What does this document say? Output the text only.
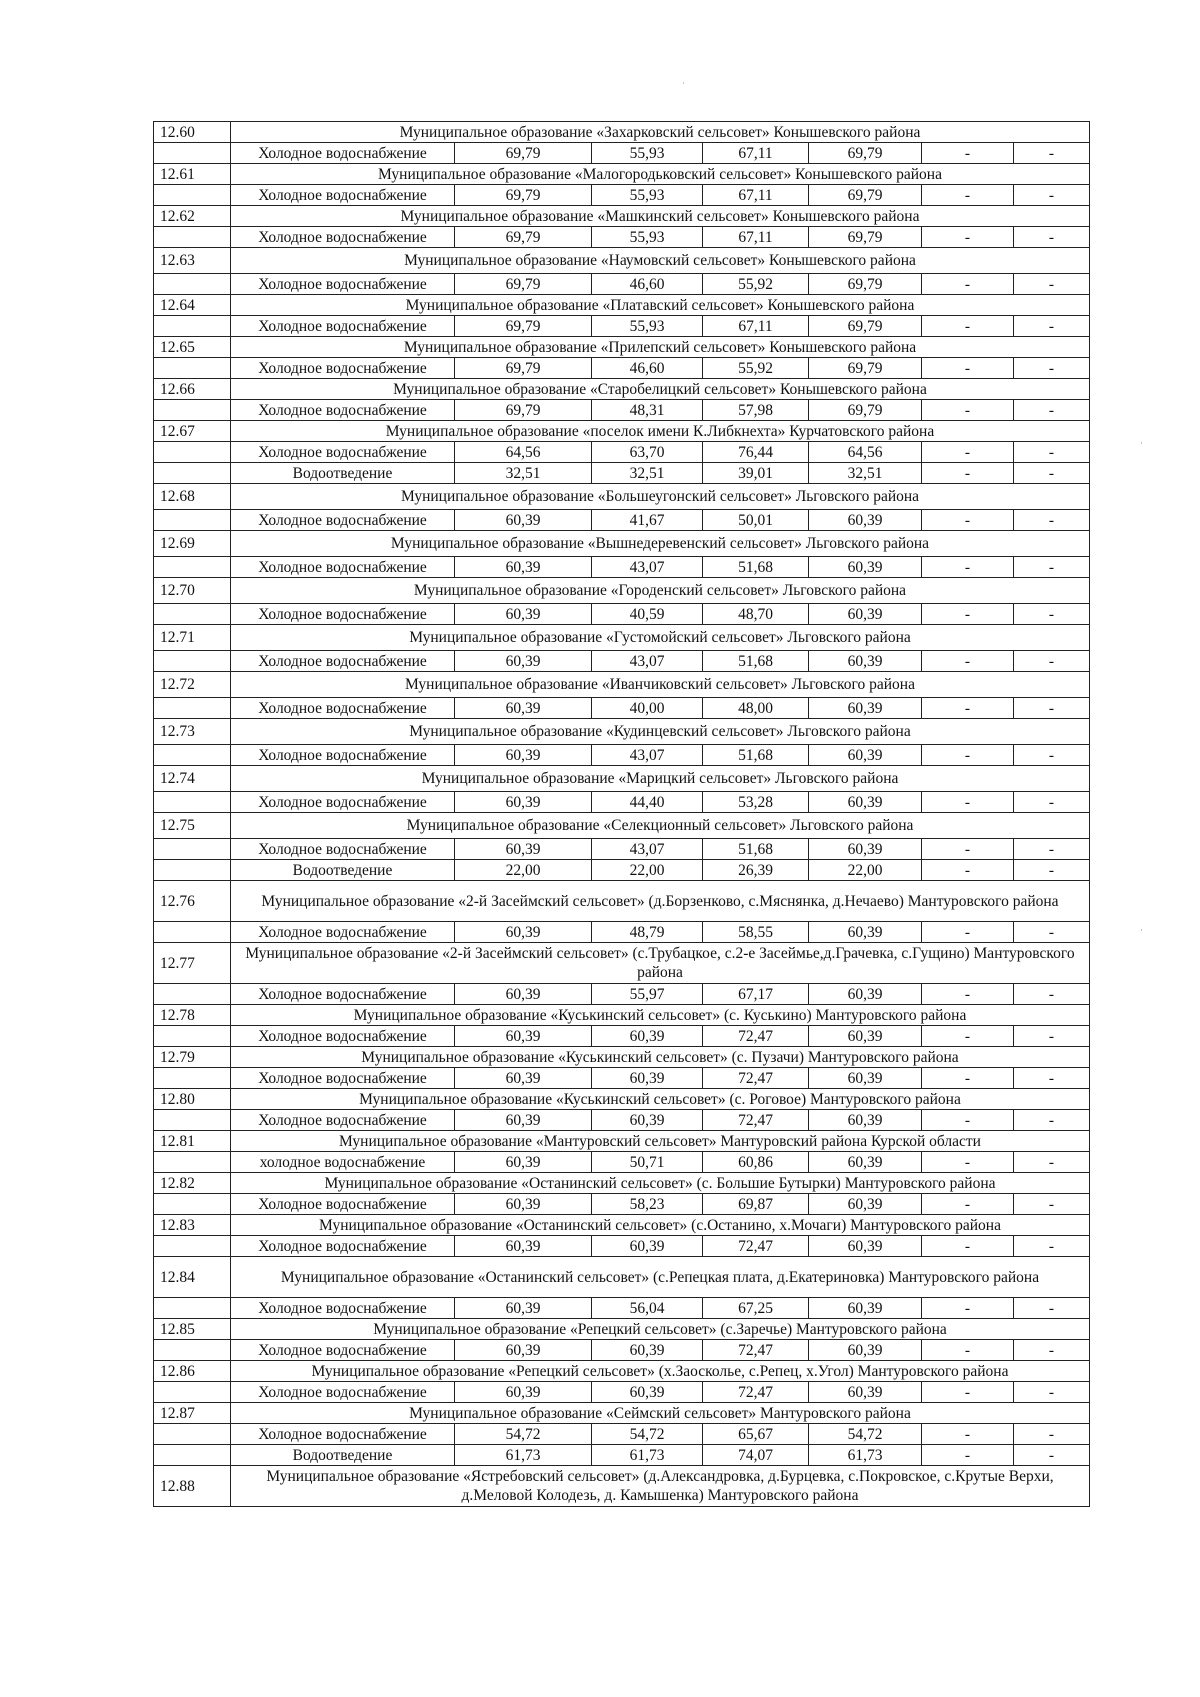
12.60	Муниципальное образование «Захарковский сельсовет» Конышевского района						
	Холодное водоснабжение	69,79	55,93	67,11	69,79	-	-
12.61	Муниципальное образование «Малогородьковский сельсовет» Конышевского района						
	Холодное водоснабжение	69,79	55,93	67,11	69,79	-	-
12.62	Муниципальное образование «Машкинский сельсовет» Конышевского района						
	Холодное водоснабжение	69,79	55,93	67,11	69,79	-	-
12.63	Муниципальное образование «Наумовский сельсовет» Конышевского района						
	Холодное водоснабжение	69,79	46,60	55,92	69,79	-	-
12.64	Муниципальное образование «Платавский сельсовет» Конышевского района						
	Холодное водоснабжение	69,79	55,93	67,11	69,79	-	-
12.65	Муниципальное образование «Прилепский сельсовет» Конышевского района						
	Холодное водоснабжение	69,79	46,60	55,92	69,79	-	-
12.66	Муниципальное образование «Старобелицкий сельсовет» Конышевского района						
	Холодное водоснабжение	69,79	48,31	57,98	69,79	-	-
12.67	Муниципальное образование «поселок имени К.Либкнехта» Курчатовского района						
	Холодное водоснабжение	64,56	63,70	76,44	64,56	-	-
	Водоотведение	32,51	32,51	39,01	32,51	-	-
12.68	Муниципальное образование «Большеугонский сельсовет» Льговского района						
	Холодное водоснабжение	60,39	41,67	50,01	60,39	-	-
12.69	Муниципальное образование «Вышнедеревенский сельсовет» Льговского района						
	Холодное водоснабжение	60,39	43,07	51,68	60,39	-	-
12.70	Муниципальное образование «Городенский сельсовет» Льговского района						
	Холодное водоснабжение	60,39	40,59	48,70	60,39	-	-
12.71	Муниципальное образование «Густомойский сельсовет» Льговского района						
	Холодное водоснабжение	60,39	43,07	51,68	60,39	-	-
12.72	Муниципальное образование «Иванчиковский сельсовет» Льговского района						
	Холодное водоснабжение	60,39	40,00	48,00	60,39	-	-
12.73	Муниципальное образование «Кудинцевский сельсовет» Льговского района						
	Холодное водоснабжение	60,39	43,07	51,68	60,39	-	-
12.74	Муниципальное образование «Марицкий сельсовет» Льговского района						
	Холодное водоснабжение	60,39	44,40	53,28	60,39	-	-
12.75	Муниципальное образование «Селекционный сельсовет» Льговского района						
	Холодное водоснабжение	60,39	43,07	51,68	60,39	-	-
	Водоотведение	22,00	22,00	26,39	22,00	-	-
12.76	Муниципальное образование «2-й Засеймский сельсовет» (д.Борзенково, с.Мяснянка, д.Нечаево) Мантуровского района						
	Холодное водоснабжение	60,39	48,79	58,55	60,39	-	-
12.77	Муниципальное образование «2-й Засеймский сельсовет» (с.Трубацкое, с.2-е Засеймье,д.Грачевка, с.Гущино) Мантуровского района						
	Холодное водоснабжение	60,39	55,97	67,17	60,39	-	-
12.78	Муниципальное образование «Куськинский сельсовет» (с. Куськино) Мантуровского района						
	Холодное водоснабжение	60,39	60,39	72,47	60,39	-	-
12.79	Муниципальное образование «Куськинский сельсовет» (с. Пузачи) Мантуровского района						
	Холодное водоснабжение	60,39	60,39	72,47	60,39	-	-
12.80	Муниципальное образование «Куськинский сельсовет» (с. Роговое) Мантуровского района						
	Холодное водоснабжение	60,39	60,39	72,47	60,39	-	-
12.81	Муниципальное образование «Мантуровский сельсовет» Мантуровский района Курской области						
	холодное водоснабжение	60,39	50,71	60,86	60,39	-	-
12.82	Муниципальное образование «Останинский сельсовет» (с. Большие Бутырки) Мантуровского района						
	Холодное водоснабжение	60,39	58,23	69,87	60,39	-	-
12.83	Муниципальное образование «Останинский сельсовет» (с.Останино, х.Мочаги) Мантуровского района						
	Холодное водоснабжение	60,39	60,39	72,47	60,39	-	-
12.84	Муниципальное образование «Останинский сельсовет» (с.Репецкая плата, д.Екатериновка) Мантуровского района						
	Холодное водоснабжение	60,39	56,04	67,25	60,39	-	-
12.85	Муниципальное образование «Репецкий сельсовет» (с.Заречье) Мантуровского района						
	Холодное водоснабжение	60,39	60,39	72,47	60,39	-	-
12.86	Муниципальное образование «Репецкий сельсовет» (х.Заосколье, с.Репец, х.Угол) Мантуровского района						
	Холодное водоснабжение	60,39	60,39	72,47	60,39	-	-
12.87	Муниципальное образование «Сеймский сельсовет» Мантуровского района						
	Холодное водоснабжение	54,72	54,72	65,67	54,72	-	-
	Водоотведение	61,73	61,73	74,07	61,73	-	-
12.88	Муниципальное образование «Ястребовский сельсовет» (д.Александровка, д.Бурцевка, с.Покровское, с.Крутые Верхи, д.Меловой Колодезь, д. Камышенка) Мантуровского района						
·
·
·
